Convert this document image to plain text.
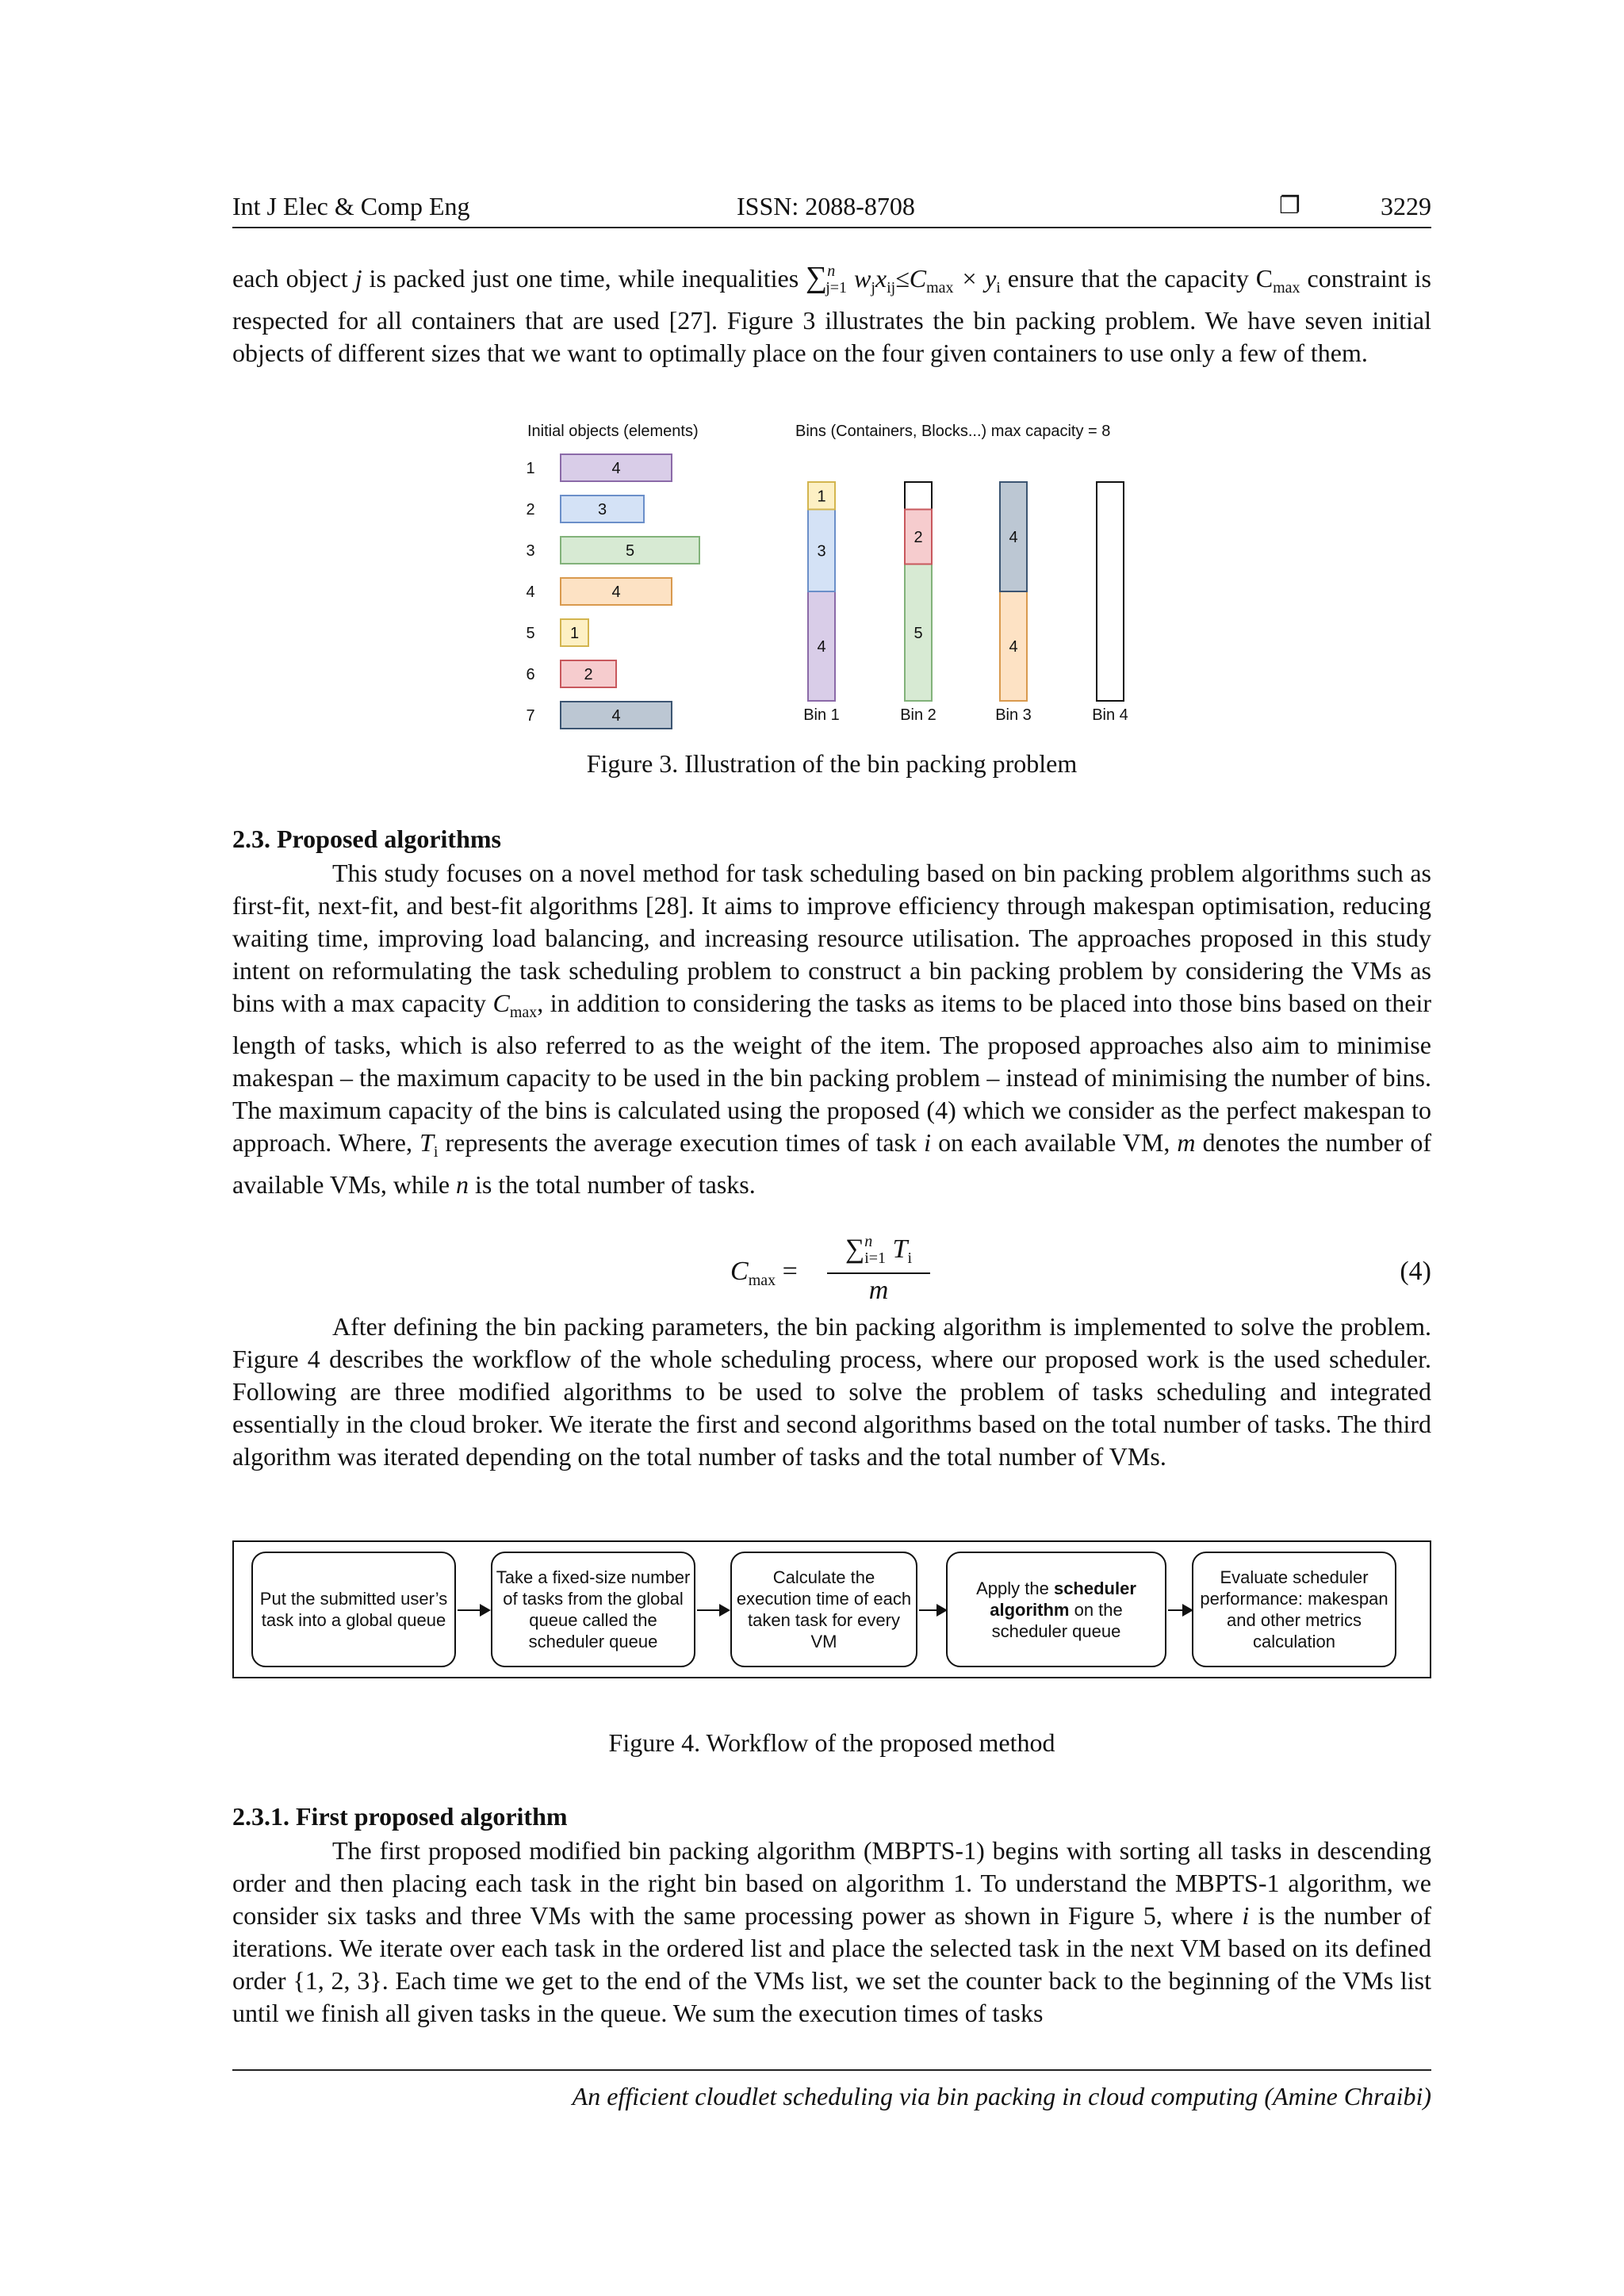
Int J Elec & Comp Eng	ISSN: 2088-8708	❐	3229

each object j is packed just one time, while inequalities ∑$^n_{j=1}$ $w_jx_{ij}\le C_{max} \times y_i$ ensure that the capacity $C_{max}$ constraint is respected for all containers that are used [27]. Figure 3 illustrates the bin packing problem. We have seven initial objects of different sizes that we want to optimally place on the four given containers to use only a few of them.

Initial objects (elements)	Bins (Containers, Blocks...) max capacity = 8
1	4
2	3
3	5
4	4
5 1
6	2
7	4
4
3
1
Bin 1
5
2
Bin 2
4
4
Bin 3	Bin 4
Figure 3. Illustration of the bin packing problem
2.3. Proposed algorithms

This study focuses on a novel method for task scheduling based on bin packing problem algorithms such as first-fit, next-fit, and best-fit algorithms [28]. It aims to improve efficiency through makespan optimisation, reducing waiting time, improving load balancing, and increasing resource utilisation. The approaches proposed in this study intent on reformulating the task scheduling problem to construct a bin packing problem by considering the VMs as bins with a max capacity $C_{max}$, in addition to considering the tasks as items to be placed into those bins based on their length of tasks, which is also referred to as the weight of the item. The proposed approaches also aim to minimise makespan – the maximum capacity to be used in the bin packing problem – instead of minimising the number of bins. The maximum capacity of the bins is calculated using the proposed (4) which we consider as the perfect makespan to approach. Where, $T_i$ represents the average execution times of task i on each available VM, m denotes the number of available VMs, while n is the total number of tasks.

$C_{max}$ =
∑$^n_{i=1}$ $T_i$
m
(4)

After defining the bin packing parameters, the bin packing algorithm is implemented to solve the problem. Figure 4 describes the workflow of the whole scheduling process, where our proposed work is the used scheduler. Following are three modified algorithms to be used to solve the problem of tasks scheduling and integrated essentially in the cloud broker. We iterate the first and second algorithms based on the total number of tasks. The third algorithm was iterated depending on the total number of tasks and the total number of VMs.

Put the submitted user’s task into a global queue
Take a fixed-size number of tasks from the global queue called the scheduler queue
Calculate the execution time of each taken task for every VM
Apply the scheduler algorithm on the scheduler queue
Evaluate scheduler performance: makespan and other metrics calculation
Figure 4. Workflow of the proposed method
2.3.1. First proposed algorithm

The first proposed modified bin packing algorithm (MBPTS-1) begins with sorting all tasks in descending order and then placing each task in the right bin based on algorithm 1. To understand the MBPTS-1 algorithm, we consider six tasks and three VMs with the same processing power as shown in Figure 5, where i is the number of iterations. We iterate over each task in the ordered list and place the selected task in the next VM based on its defined order {1, 2, 3}. Each time we get to the end of the VMs list, we set the counter back to the beginning of the VMs list until we finish all given tasks in the queue. We sum the execution times of tasks

An efficient cloudlet scheduling via bin packing in cloud computing (Amine Chraibi)
